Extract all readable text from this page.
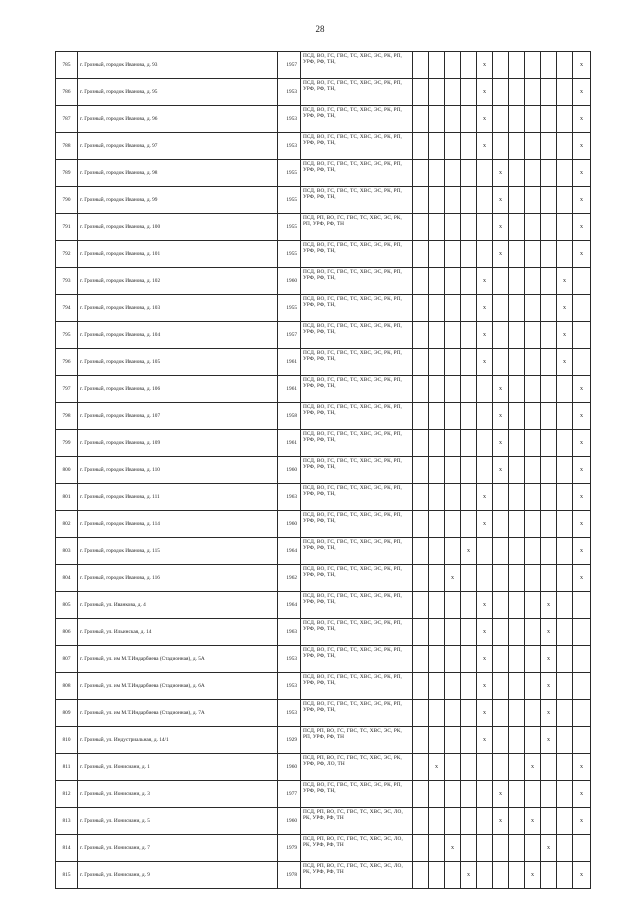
28
785	г. Грозный, городок Иванова, д. 93	1957	ПСД, ВО, ГС, ГВС, ТС, ХВС, ЭС, РК, РП, УРФ, РФ, ТН,					x						x
786	г. Грозный, городок Иванова, д. 95	1953	ПСД, ВО, ГС, ГВС, ТС, ХВС, ЭС, РК, РП, УРФ, РФ, ТН,					x						x
787	г. Грозный, городок Иванова, д. 96	1953	ПСД, ВО, ГС, ГВС, ТС, ХВС, ЭС, РК, РП, УРФ, РФ, ТН,					x						x
788	г. Грозный, городок Иванова, д. 97	1953	ПСД, ВО, ГС, ГВС, ТС, ХВС, ЭС, РК, РП, УРФ, РФ, ТН,					x						x
789	г. Грозный, городок Иванова, д. 98	1955	ПСД, ВО, ГС, ГВС, ТС, ХВС, ЭС, РК, РП, УРФ, РФ, ТН,						x					x
790	г. Грозный, городок Иванова, д. 99	1955	ПСД, ВО, ГС, ГВС, ТС, ХВС, ЭС, РК, РП, УРФ, РФ, ТН,						x					x
791	г. Грозный, городок Иванова, д. 100	1955	ПСД, РП, ВО, ГС, ГВС, ТС, ХВС, ЭС, РК, РП, УРФ, РФ, ТН						x					x
792	г. Грозный, городок Иванова, д. 101	1955	ПСД, ВО, ГС, ГВС, ТС, ХВС, ЭС, РК, РП, УРФ, РФ, ТН,						x					x
793	г. Грозный, городок Иванова, д. 102	1960	ПСД, ВО, ГС, ГВС, ТС, ХВС, ЭС, РК, РП, УРФ, РФ, ТН,					x					x	
794	г. Грозный, городок Иванова, д. 103	1955	ПСД, ВО, ГС, ГВС, ТС, ХВС, ЭС, РК, РП, УРФ, РФ, ТН,					x					x	
795	г. Грозный, городок Иванова, д. 104	1957	ПСД, ВО, ГС, ГВС, ТС, ХВС, ЭС, РК, РП, УРФ, РФ, ТН,					x					x	
796	г. Грозный, городок Иванова, д. 105	1961	ПСД, ВО, ГС, ГВС, ТС, ХВС, ЭС, РК, РП, УРФ, РФ, ТН,					x					x	
797	г. Грозный, городок Иванова, д. 106	1961	ПСД, ВО, ГС, ГВС, ТС, ХВС, ЭС, РК, РП, УРФ, РФ, ТН,						x					x
798	г. Грозный, городок Иванова, д. 107	1958	ПСД, ВО, ГС, ГВС, ТС, ХВС, ЭС, РК, РП, УРФ, РФ, ТН,						x					x
799	г. Грозный, городок Иванова, д. 109	1961	ПСД, ВО, ГС, ГВС, ТС, ХВС, ЭС, РК, РП, УРФ, РФ, ТН,						x					x
800	г. Грозный, городок Иванова, д. 110	1960	ПСД, ВО, ГС, ГВС, ТС, ХВС, ЭС, РК, РП, УРФ, РФ, ТН,						x					x
801	г. Грозный, городок Иванова, д. 111	1963	ПСД, ВО, ГС, ГВС, ТС, ХВС, ЭС, РК, РП, УРФ, РФ, ТН,					x						x
802	г. Грозный, городок Иванова, д. 114	1960	ПСД, ВО, ГС, ГВС, ТС, ХВС, ЭС, РК, РП, УРФ, РФ, ТН,					x						x
803	г. Грозный, городок Иванова, д. 115	1964	ПСД, ВО, ГС, ГВС, ТС, ХВС, ЭС, РК, РП, УРФ, РФ, ТН,				x							x
804	г. Грозный, городок Иванова, д. 116	1962	ПСД, ВО, ГС, ГВС, ТС, ХВС, ЭС, РК, РП, УРФ, РФ, ТН,			x								x
805	г. Грозный, ул. Иванкова, д. 4	1964	ПСД, ВО, ГС, ГВС, ТС, ХВС, ЭС, РК, РП, УРФ, РФ, ТН,					x				x		
806	г. Грозный, ул. Ильинская, д. 14	1963	ПСД, ВО, ГС, ГВС, ТС, ХВС, ЭС, РК, РП, УРФ, РФ, ТН,					x				x		
807	г. Грозный, ул. им М.Т.Индарбиева (Стадионная), д. 5А	1953	ПСД, ВО, ГС, ГВС, ТС, ХВС, ЭС, РК, РП, УРФ, РФ, ТН,					x				x		
808	г. Грозный, ул. им М.Т.Индарбиева (Стадионная), д. 6А	1953	ПСД, ВО, ГС, ГВС, ТС, ХВС, ЭС, РК, РП, УРФ, РФ, ТН,					x				x		
809	г. Грозный, ул. им М.Т.Индарбиева (Стадионная), д. 7А	1953	ПСД, ВО, ГС, ГВС, ТС, ХВС, ЭС, РК, РП, УРФ, РФ, ТН,					x				x		
810	г. Грозный, ул. Индустриальная, д. 14/1	1929	ПСД, РП, ВО, ГС, ГВС, ТС, ХВС, ЭС, РК, РП, УРФ, РФ, ТН					x				x		
811	г. Грозный, ул. Ионисиани, д. 1	1960	ПСД, РП, ВО, ГС, ГВС, ТС, ХВС, ЭС, РК, УРФ, РФ, ЛО, ТН		x						x			x
812	г. Грозный, ул. Ионисиани, д. 3	1977	ПСД, ВО, ГС, ГВС, ТС, ХВС, ЭС, РК, РП, УРФ, РФ, ТН,						x					x
813	г. Грозный, ул. Ионисиани, д. 5	1960	ПСД, РП, ВО, ГС, ГВС, ТС, ХВС, ЭС, ЛО, РК, УРФ, РФ, ТН						x		x			x
814	г. Грозный, ул. Ионисиани, д. 7	1979	ПСД, РП, ВО, ГС, ГВС, ТС, ХВС, ЭС, ЛО, РК, УРФ, РФ, ТН			x						x		
815	г. Грозный, ул. Ионисиани, д. 9	1978	ПСД, РП, ВО, ГС, ГВС, ТС, ХВС, ЭС, ЛО, РК, УРФ, РФ, ТН				x				x			x
